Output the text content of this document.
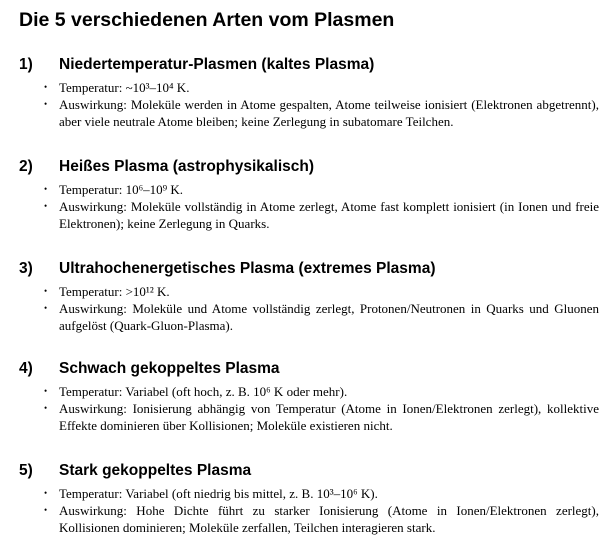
Die 5 verschiedenen Arten vom Plasmen
1) Niedertemperatur-Plasmen (kaltes Plasma)
• Temperatur: ~10³–10⁴ K.
• Auswirkung: Moleküle werden in Atome gespalten, Atome teilweise ionisiert (Elektronen abgetrennt), aber viele neutrale Atome bleiben; keine Zerlegung in subatomare Teilchen.
2) Heißes Plasma (astrophysikalisch)
• Temperatur: 10⁶–10⁹ K.
• Auswirkung: Moleküle vollständig in Atome zerlegt, Atome fast komplett ionisiert (in Ionen und freie Elektronen); keine Zerlegung in Quarks.
3) Ultrahochenergetisches Plasma (extremes Plasma)
• Temperatur: >10¹² K.
• Auswirkung: Moleküle und Atome vollständig zerlegt, Protonen/Neutronen in Quarks und Gluonen aufgelöst (Quark-Gluon-Plasma).
4) Schwach gekoppeltes Plasma
• Temperatur: Variabel (oft hoch, z. B. 10⁶ K oder mehr).
• Auswirkung: Ionisierung abhängig von Temperatur (Atome in Ionen/Elektronen zerlegt), kollektive Effekte dominieren über Kollisionen; Moleküle existieren nicht.
5) Stark gekoppeltes Plasma
• Temperatur: Variabel (oft niedrig bis mittel, z. B. 10³–10⁶ K).
• Auswirkung: Hohe Dichte führt zu starker Ionisierung (Atome in Ionen/Elektronen zerlegt), Kollisionen dominieren; Moleküle zerfallen, Teilchen interagieren stark.
